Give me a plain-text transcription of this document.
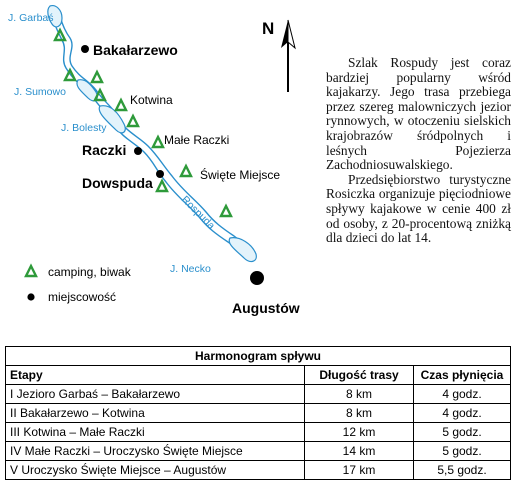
N
J. Garbaś
J. Sumowo
J. Bolesty
J. Necko
Bakałarzewo
Raczki
Dowspuda
Augustów
Kotwina
Małe Raczki
Święte Miejsce
Rospuda
camping, biwak
miejscowość

Szlak Rospudy jest coraz bardziej popularny wśród kajakarzy. Jego trasa przebiega przez szereg malowniczych jezior rynnowych, w otoczeniu sielskich krajobrazów śródpolnych i leśnych Pojezierza Zachodniosuwalskiego.

Przedsiębiorstwo turystyczne Rosiczka organizuje pięciodniowe spływy kajakowe w cenie 400 zł od osoby, z 20-procentową zniżką dla dzieci do lat 14.

Harmonogram spływu		
Etapy	Długość trasy	Czas płynięcia
I Jezioro Garbaś – Bakałarzewo	8 km	4 godz.
II Bakałarzewo – Kotwina	8 km	4 godz.
III Kotwina – Małe Raczki	12 km	5 godz.
IV Małe Raczki – Uroczysko Święte Miejsce	14 km	5 godz.
V Uroczysko Święte Miejsce – Augustów	17 km	5,5 godz.
